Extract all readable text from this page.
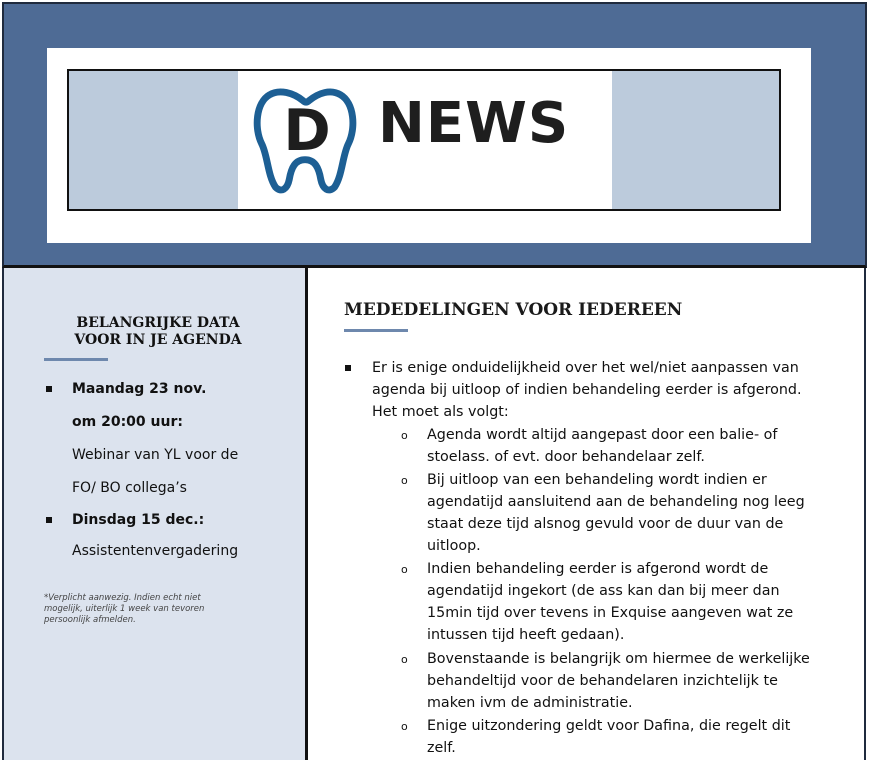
D NEWS
BELANGRIJKE DATA
VOOR IN JE AGENDA
Maandag 23 nov.
om 20:00 uur:
Webinar van YL voor de
FO/ BO collega’s
Dinsdag 15 dec.:
Assistentenvergadering
*Verplicht aanwezig. Indien echt niet
mogelijk, uiterlijk 1 week van tevoren
persoonlijk afmelden.
MEDEDELINGEN VOOR IEDEREEN
Er is enige onduidelijkheid over het wel/niet aanpassen van
agenda bij uitloop of indien behandeling eerder is afgerond.
Het moet als volgt:
o Agenda wordt altijd aangepast door een balie- of
stoelass. of evt. door behandelaar zelf.
o Bij uitloop van een behandeling wordt indien er
agendatijd aansluitend aan de behandeling nog leeg
staat deze tijd alsnog gevuld voor de duur van de
uitloop.
o Indien behandeling eerder is afgerond wordt de
agendatijd ingekort (de ass kan dan bij meer dan
15min tijd over tevens in Exquise aangeven wat ze
intussen tijd heeft gedaan).
o Bovenstaande is belangrijk om hiermee de werkelijke
behandeltijd voor de behandelaren inzichtelijk te
maken ivm de administratie.
o Enige uitzondering geldt voor Dafina, die regelt dit
zelf.
